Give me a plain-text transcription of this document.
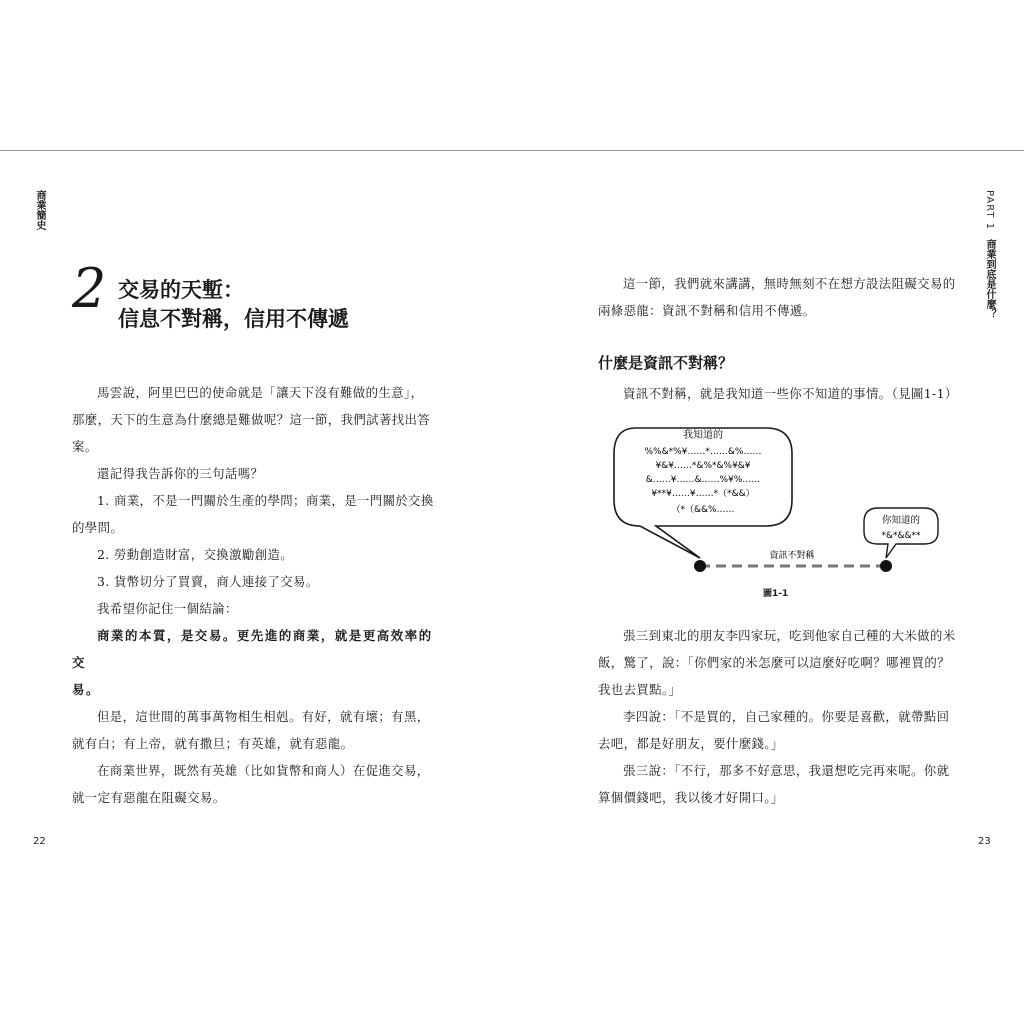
商業簡史	PART 1 商業到底是什麼？
2 交易的天塹：
信息不對稱，信用不傳遞

馬雲說，阿里巴巴的使命就是「讓天下沒有難做的生意」，

那麼，天下的生意為什麼總是難做呢？這一節，我們試著找出答

案。

還記得我告訴你的三句話嗎？

1. 商業，不是一門關於生產的學問；商業，是一門關於交換

的學問。

2. 勞動創造財富，交換激勵創造。

3. 貨幣切分了買賣，商人連接了交易。

我希望你記住一個結論：

商業的本質，是交易。更先進的商業，就是更高效率的交

易。

但是，這世間的萬事萬物相生相剋。有好，就有壞；有黑，

就有白；有上帝，就有撒旦；有英雄，就有惡龍。

在商業世界，既然有英雄（比如貨幣和商人）在促進交易，

就一定有惡龍在阻礙交易。

22

這一節，我們就來講講，無時無刻不在想方設法阻礙交易的

兩條惡龍：資訊不對稱和信用不傳遞。

什麼是資訊不對稱？

資訊不對稱，就是我知道一些你不知道的事情。（見圖1-1）

我知道的
%%&*%¥……*……&%……
¥&¥……*&%*&%¥&¥
&……¥……&……%¥%……
¥**¥……¥……*（*&&）
（*（&&%……
你知道的
*&*&&**
資訊不對稱
圖1-1

張三到東北的朋友李四家玩，吃到他家自己種的大米做的米

飯，驚了，說：「你們家的米怎麼可以這麼好吃啊？哪裡買的？

我也去買點。」

李四說：「不是買的，自己家種的。你要是喜歡，就帶點回

去吧，都是好朋友，要什麼錢。」

張三說：「不行，那多不好意思，我還想吃完再來呢。你就

算個價錢吧，我以後才好開口。」

23
